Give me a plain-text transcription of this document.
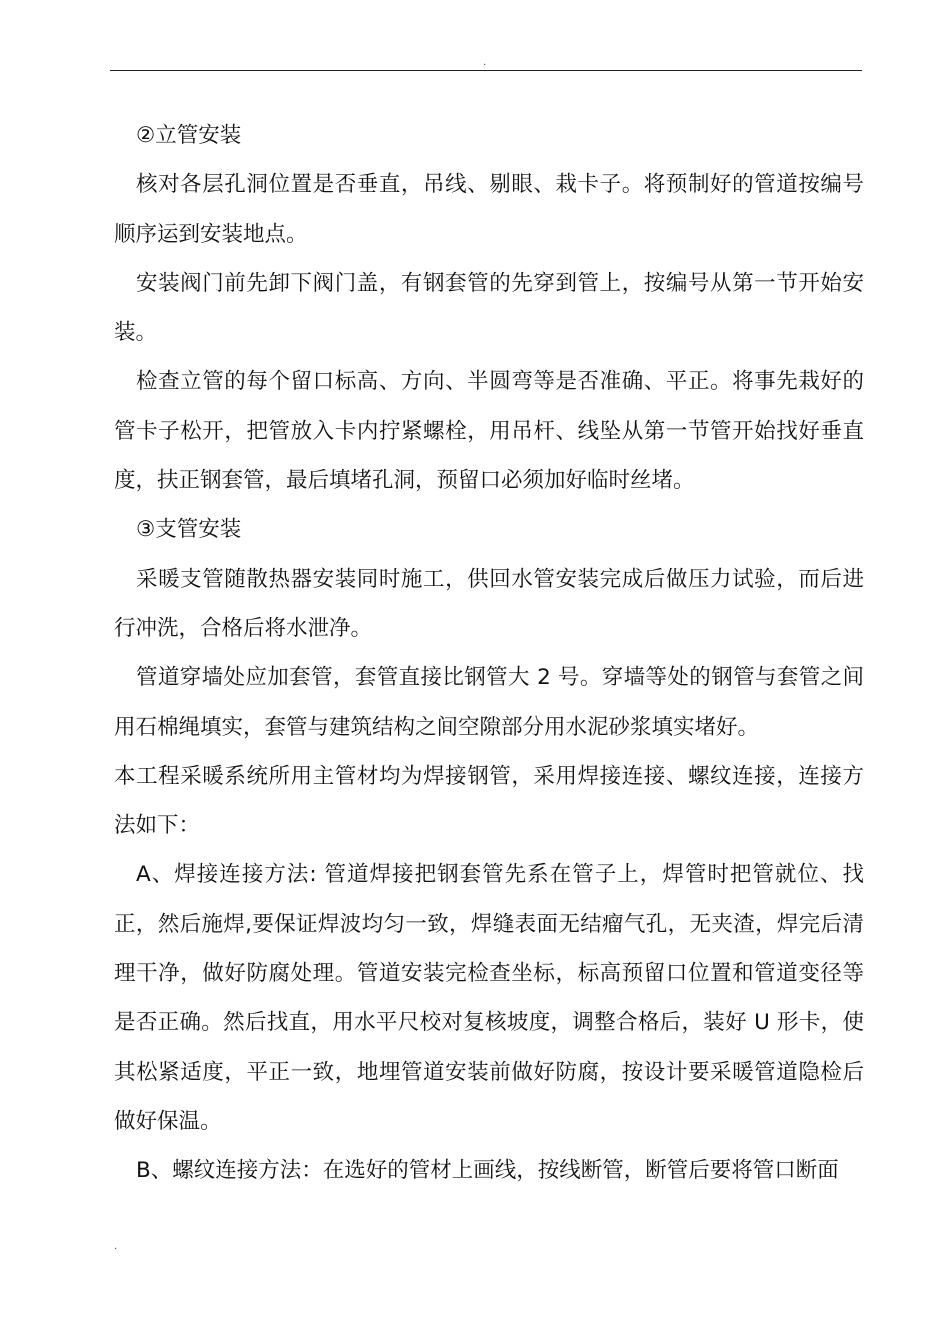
.

②立管安装

核对各层孔洞位置是否垂直，吊线、剔眼、栽卡子。将预制好的管道按编号顺序运到安装地点。

安装阀门前先卸下阀门盖，有钢套管的先穿到管上，按编号从第一节开始安装。

检查立管的每个留口标高、方向、半圆弯等是否准确、平正。将事先栽好的管卡子松开，把管放入卡内拧紧螺栓，用吊杆、线坠从第一节管开始找好垂直度，扶正钢套管，最后填堵孔洞，预留口必须加好临时丝堵。

③支管安装

采暖支管随散热器安装同时施工，供回水管安装完成后做压力试验，而后进行冲洗，合格后将水泄净。

管道穿墙处应加套管，套管直接比钢管大 2 号。穿墙等处的钢管与套管之间用石棉绳填实，套管与建筑结构之间空隙部分用水泥砂浆填实堵好。

本工程采暖系统所用主管材均为焊接钢管，采用焊接连接、螺纹连接，连接方法如下：

A、焊接连接方法: 管道焊接把钢套管先系在管子上，焊管时把管就位、找正，然后施焊,要保证焊波均匀一致，焊缝表面无结瘤气孔，无夹渣，焊完后清理干净，做好防腐处理。管道安装完检查坐标，标高预留口位置和管道变径等是否正确。然后找直，用水平尺校对复核坡度，调整合格后，装好 U 形卡，使其松紧适度，平正一致，地埋管道安装前做好防腐，按设计要采暖管道隐检后做好保温。

B、螺纹连接方法：在选好的管材上画线，按线断管，断管后要将管口断面

.
